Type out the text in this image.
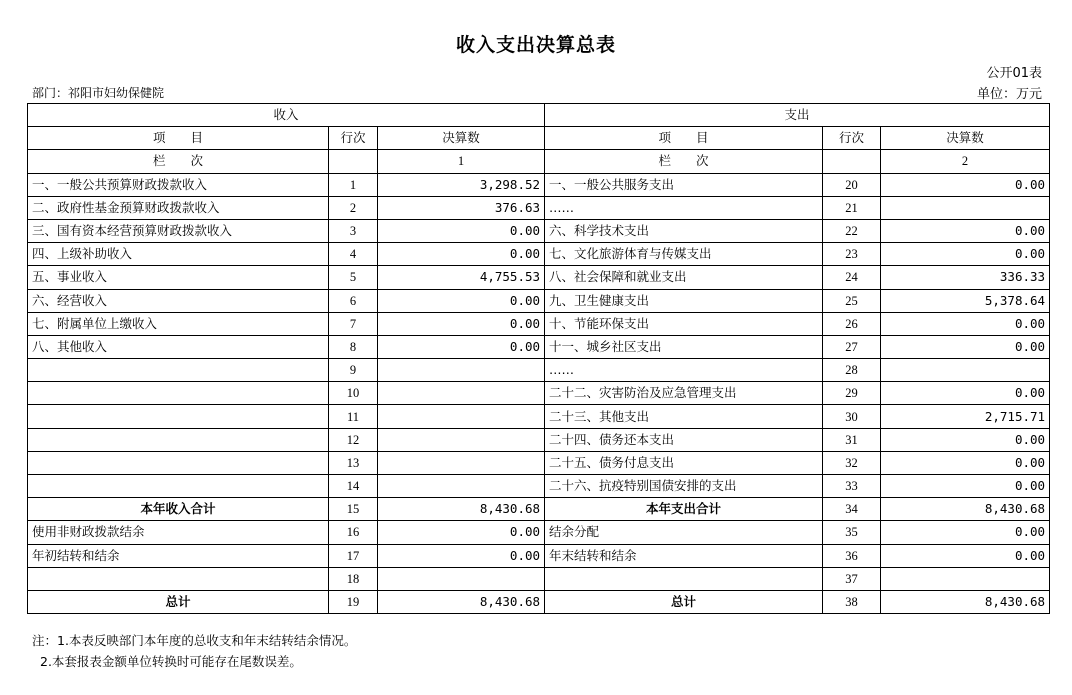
收入支出决算总表
公开01表
部门：祁阳市妇幼保健院	单位：万元
收入			支出		
项　　目	行次	决算数	项　　目	行次	决算数
栏　　次		1	栏　　次		2
一、一般公共预算财政拨款收入	1	3,298.52	一、一般公共服务支出	20	0.00
二、政府性基金预算财政拨款收入	2	376.63	……	21	
三、国有资本经营预算财政拨款收入	3	0.00	六、科学技术支出	22	0.00
四、上级补助收入	4	0.00	七、文化旅游体育与传媒支出	23	0.00
五、事业收入	5	4,755.53	八、社会保障和就业支出	24	336.33
六、经营收入	6	0.00	九、卫生健康支出	25	5,378.64
七、附属单位上缴收入	7	0.00	十、节能环保支出	26	0.00
八、其他收入	8	0.00	十一、城乡社区支出	27	0.00
	9		……	28	
	10		二十二、灾害防治及应急管理支出	29	0.00
	11		二十三、其他支出	30	2,715.71
	12		二十四、债务还本支出	31	0.00
	13		二十五、债务付息支出	32	0.00
	14		二十六、抗疫特别国债安排的支出	33	0.00
本年收入合计	15	8,430.68	本年支出合计	34	8,430.68
使用非财政拨款结余	16	0.00	结余分配	35	0.00
年初结转和结余	17	0.00	年末结转和结余	36	0.00
	18			37	
总计	19	8,430.68	总计	38	8,430.68
注：1.本表反映部门本年度的总收支和年末结转结余情况。
2.本套报表金额单位转换时可能存在尾数误差。
